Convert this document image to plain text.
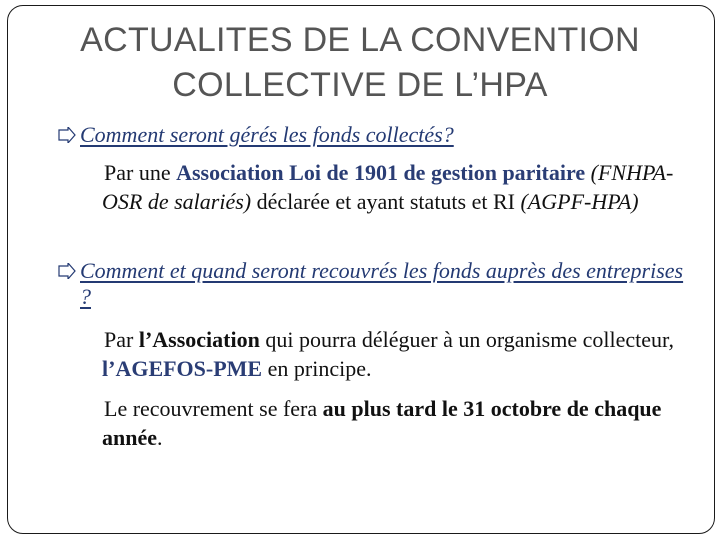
ACTUALITES DE LA CONVENTION
COLLECTIVE DE L’HPA
Comment seront gérés les fonds collectés?
Par une Association Loi de 1901 de gestion paritaire (FNHPA- OSR de salariés) déclarée et ayant statuts et RI (AGPF-HPA)
Comment et quand seront recouvrés les fonds auprès des entreprises ?
Par l’Association qui pourra déléguer à un organisme collecteur, l’AGEFOS-PME en principe.
Le recouvrement se fera au plus tard le 31 octobre de chaque année.
